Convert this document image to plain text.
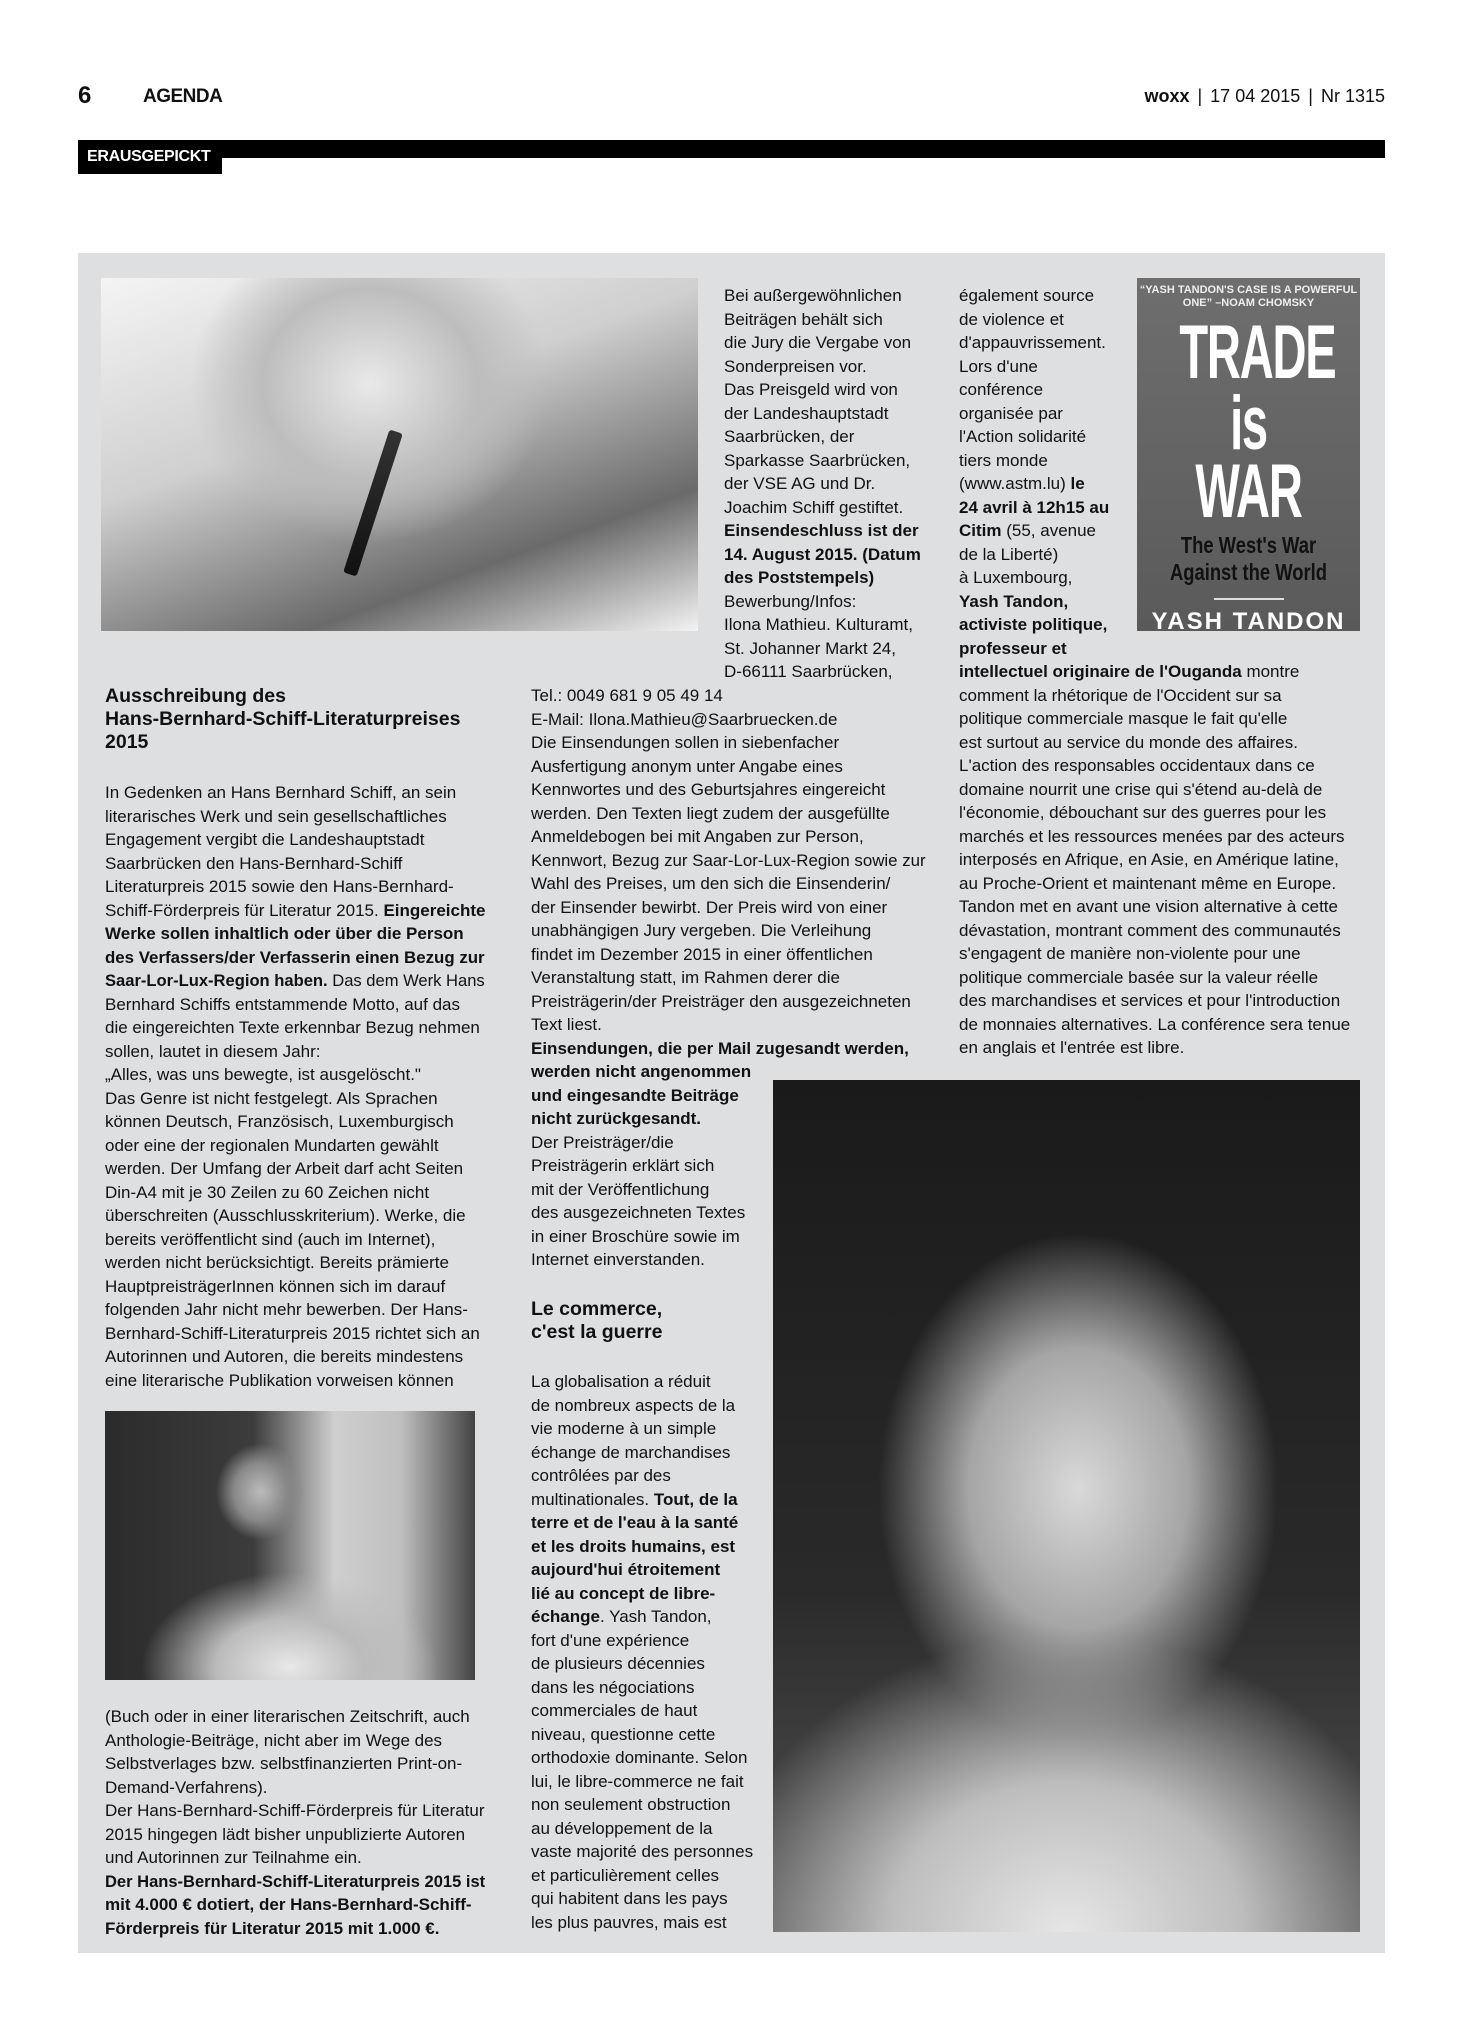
6	AGENDA	woxx | 17 04 2015 | Nr 1315
ERAUSGEPICKT
“YASH TANDON'S CASE IS A POWERFUL ONE” –NOAM CHOMSKY
TRADE
is WAR
The West's War Against the World
YASH TANDON
Ausschreibung des
Hans-Bernhard-Schiff-Literaturpreises
2015
In Gedenken an Hans Bernhard Schiff, an sein
literarisches Werk und sein gesellschaftliches
Engagement vergibt die Landeshauptstadt
Saarbrücken den Hans-Bernhard-Schiff
Literaturpreis 2015 sowie den Hans-Bernhard-
Schiff-Förderpreis für Literatur 2015. Eingereichte
Werke sollen inhaltlich oder über die Person
des Verfassers/der Verfasserin einen Bezug zur
Saar-Lor-Lux-Region haben. Das dem Werk Hans
Bernhard Schiffs entstammende Motto, auf das
die eingereichten Texte erkennbar Bezug nehmen
sollen, lautet in diesem Jahr:
„Alles, was uns bewegte, ist ausgelöscht."
Das Genre ist nicht festgelegt. Als Sprachen
können Deutsch, Französisch, Luxemburgisch
oder eine der regionalen Mundarten gewählt
werden. Der Umfang der Arbeit darf acht Seiten
Din-A4 mit je 30 Zeilen zu 60 Zeichen nicht
überschreiten (Ausschlusskriterium). Werke, die
bereits veröffentlicht sind (auch im Internet),
werden nicht berücksichtigt. Bereits prämierte
HauptpreisträgerInnen können sich im darauf
folgenden Jahr nicht mehr bewerben. Der Hans-
Bernhard-Schiff-Literaturpreis 2015 richtet sich an
Autorinnen und Autoren, die bereits mindestens
eine literarische Publikation vorweisen können
(Buch oder in einer literarischen Zeitschrift, auch
Anthologie-Beiträge, nicht aber im Wege des
Selbstverlages bzw. selbstfinanzierten Print-on-
Demand-Verfahrens).
Der Hans-Bernhard-Schiff-Förderpreis für Literatur
2015 hingegen lädt bisher unpublizierte Autoren
und Autorinnen zur Teilnahme ein.
Der Hans-Bernhard-Schiff-Literaturpreis 2015 ist
mit 4.000 € dotiert, der Hans-Bernhard-Schiff-
Förderpreis für Literatur 2015 mit 1.000 €.
Bei außergewöhnlichen
Beiträgen behält sich
die Jury die Vergabe von
Sonderpreisen vor.
Das Preisgeld wird von
der Landeshauptstadt
Saarbrücken, der
Sparkasse Saarbrücken,
der VSE AG und Dr.
Joachim Schiff gestiftet.
Einsendeschluss ist der
14. August 2015. (Datum
des Poststempels)
Bewerbung/Infos:
Ilona Mathieu. Kulturamt,
St. Johanner Markt 24,
D-66111 Saarbrücken,
Tel.: 0049 681 9 05 49 14
E-Mail: Ilona.Mathieu@Saarbruecken.de
Die Einsendungen sollen in siebenfacher
Ausfertigung anonym unter Angabe eines
Kennwortes und des Geburtsjahres eingereicht
werden. Den Texten liegt zudem der ausgefüllte
Anmeldebogen bei mit Angaben zur Person,
Kennwort, Bezug zur Saar-Lor-Lux-Region sowie zur
Wahl des Preises, um den sich die Einsenderin/
der Einsender bewirbt. Der Preis wird von einer
unabhängigen Jury vergeben. Die Verleihung
findet im Dezember 2015 in einer öffentlichen
Veranstaltung statt, im Rahmen derer die
Preisträgerin/der Preisträger den ausgezeichneten
Text liest.
Einsendungen, die per Mail zugesandt werden,
werden nicht angenommen
und eingesandte Beiträge
nicht zurückgesandt.
Der Preisträger/die
Preisträgerin erklärt sich
mit der Veröffentlichung
des ausgezeichneten Textes
in einer Broschüre sowie im
Internet einverstanden.
Le commerce,
c'est la guerre
La globalisation a réduit
de nombreux aspects de la
vie moderne à un simple
échange de marchandises
contrôlées par des
multinationales. Tout, de la
terre et de l'eau à la santé
et les droits humains, est
aujourd'hui étroitement
lié au concept de libre-
échange. Yash Tandon,
fort d'une expérience
de plusieurs décennies
dans les négociations
commerciales de haut
niveau, questionne cette
orthodoxie dominante. Selon
lui, le libre-commerce ne fait
non seulement obstruction
au développement de la
vaste majorité des personnes
et particulièrement celles
qui habitent dans les pays
les plus pauvres, mais est
également source
de violence et
d'appauvrissement.
Lors d'une
conférence
organisée par
l'Action solidarité
tiers monde
(www.astm.lu) le
24 avril à 12h15 au
Citim (55, avenue
de la Liberté)
à Luxembourg,
Yash Tandon,
activiste politique,
professeur et
intellectuel originaire de l'Ouganda montre
comment la rhétorique de l'Occident sur sa
politique commerciale masque le fait qu'elle
est surtout au service du monde des affaires.
L'action des responsables occidentaux dans ce
domaine nourrit une crise qui s'étend au-delà de
l'économie, débouchant sur des guerres pour les
marchés et les ressources menées par des acteurs
interposés en Afrique, en Asie, en Amérique latine,
au Proche-Orient et maintenant même en Europe.
Tandon met en avant une vision alternative à cette
dévastation, montrant comment des communautés
s'engagent de manière non-violente pour une
politique commerciale basée sur la valeur réelle
des marchandises et services et pour l'introduction
de monnaies alternatives. La conférence sera tenue
en anglais et l'entrée est libre.
